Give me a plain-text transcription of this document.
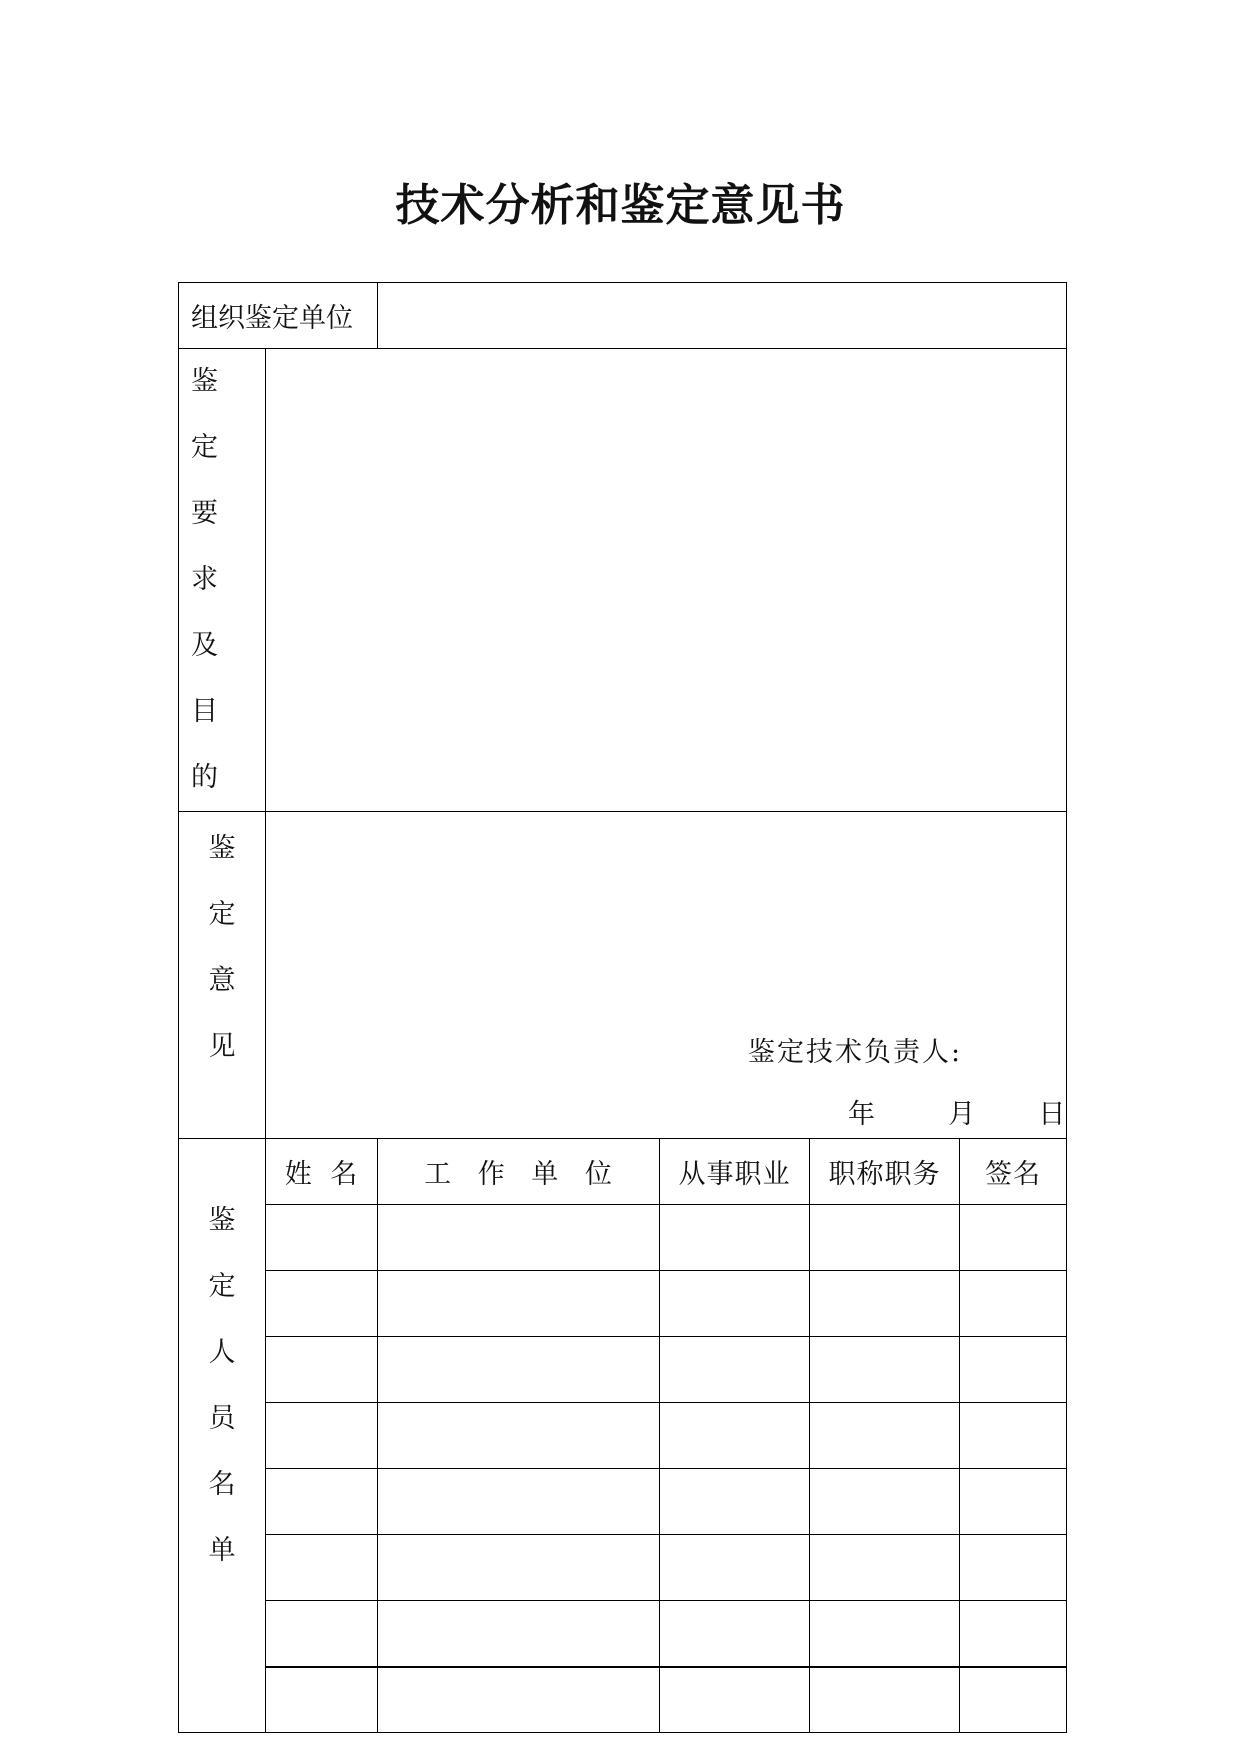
技术分析和鉴定意见书
组织鉴定单位					

鉴定要求及目的					

鉴定意见	鉴定技术负责人:
年 月 日				

鉴定人员名单	姓 名	工 作 单 位	从事职业	职称职务	签名
